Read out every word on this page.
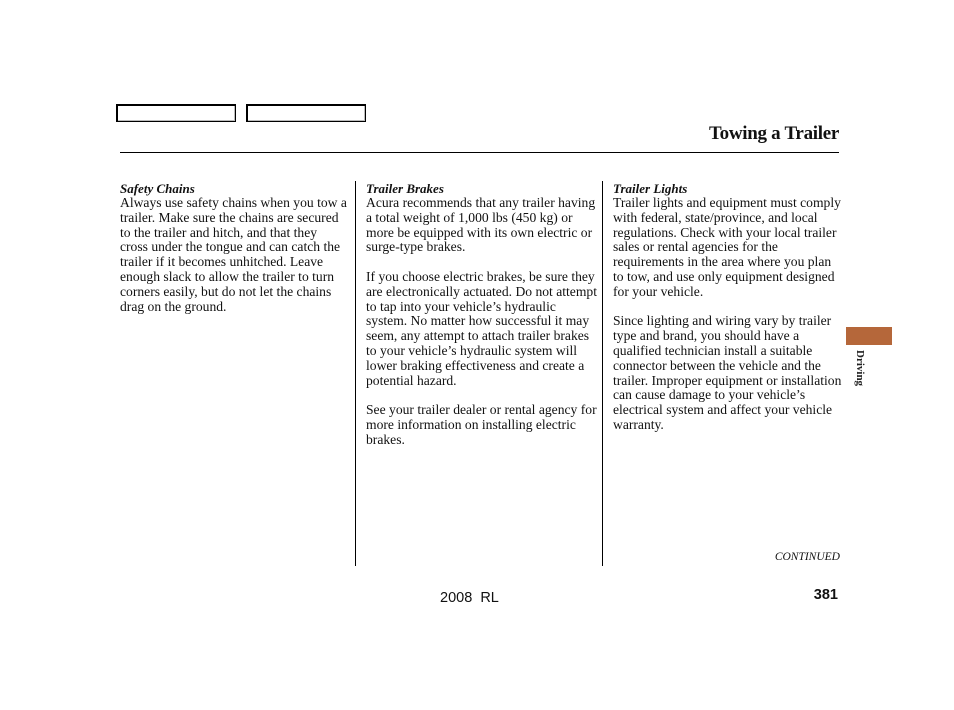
Towing a Trailer
Safety Chains

Always use safety chains when you tow a trailer. Make sure the chains are secured to the trailer and hitch, and that they cross under the tongue and can catch the trailer if it becomes unhitched. Leave enough slack to allow the trailer to turn corners easily, but do not let the chains drag on the ground.

Trailer Brakes

Acura recommends that any trailer having a total weight of 1,000 lbs (450 kg) or more be equipped with its own electric or surge-type brakes.

If you choose electric brakes, be sure they are electronically actuated. Do not attempt to tap into your vehicle’s hydraulic system. No matter how successful it may seem, any attempt to attach trailer brakes to your vehicle’s hydraulic system will lower braking effectiveness and create a potential hazard.

See your trailer dealer or rental agency for more information on installing electric brakes.

Trailer Lights

Trailer lights and equipment must comply with federal, state/province, and local regulations. Check with your local trailer sales or rental agencies for the requirements in the area where you plan to tow, and use only equipment designed for your vehicle.

Since lighting and wiring vary by trailer type and brand, you should have a qualified technician install a suitable connector between the vehicle and the trailer. Improper equipment or installation can cause damage to your vehicle’s electrical system and affect your vehicle warranty.

Driving
CONTINUED
2008  RL	381
